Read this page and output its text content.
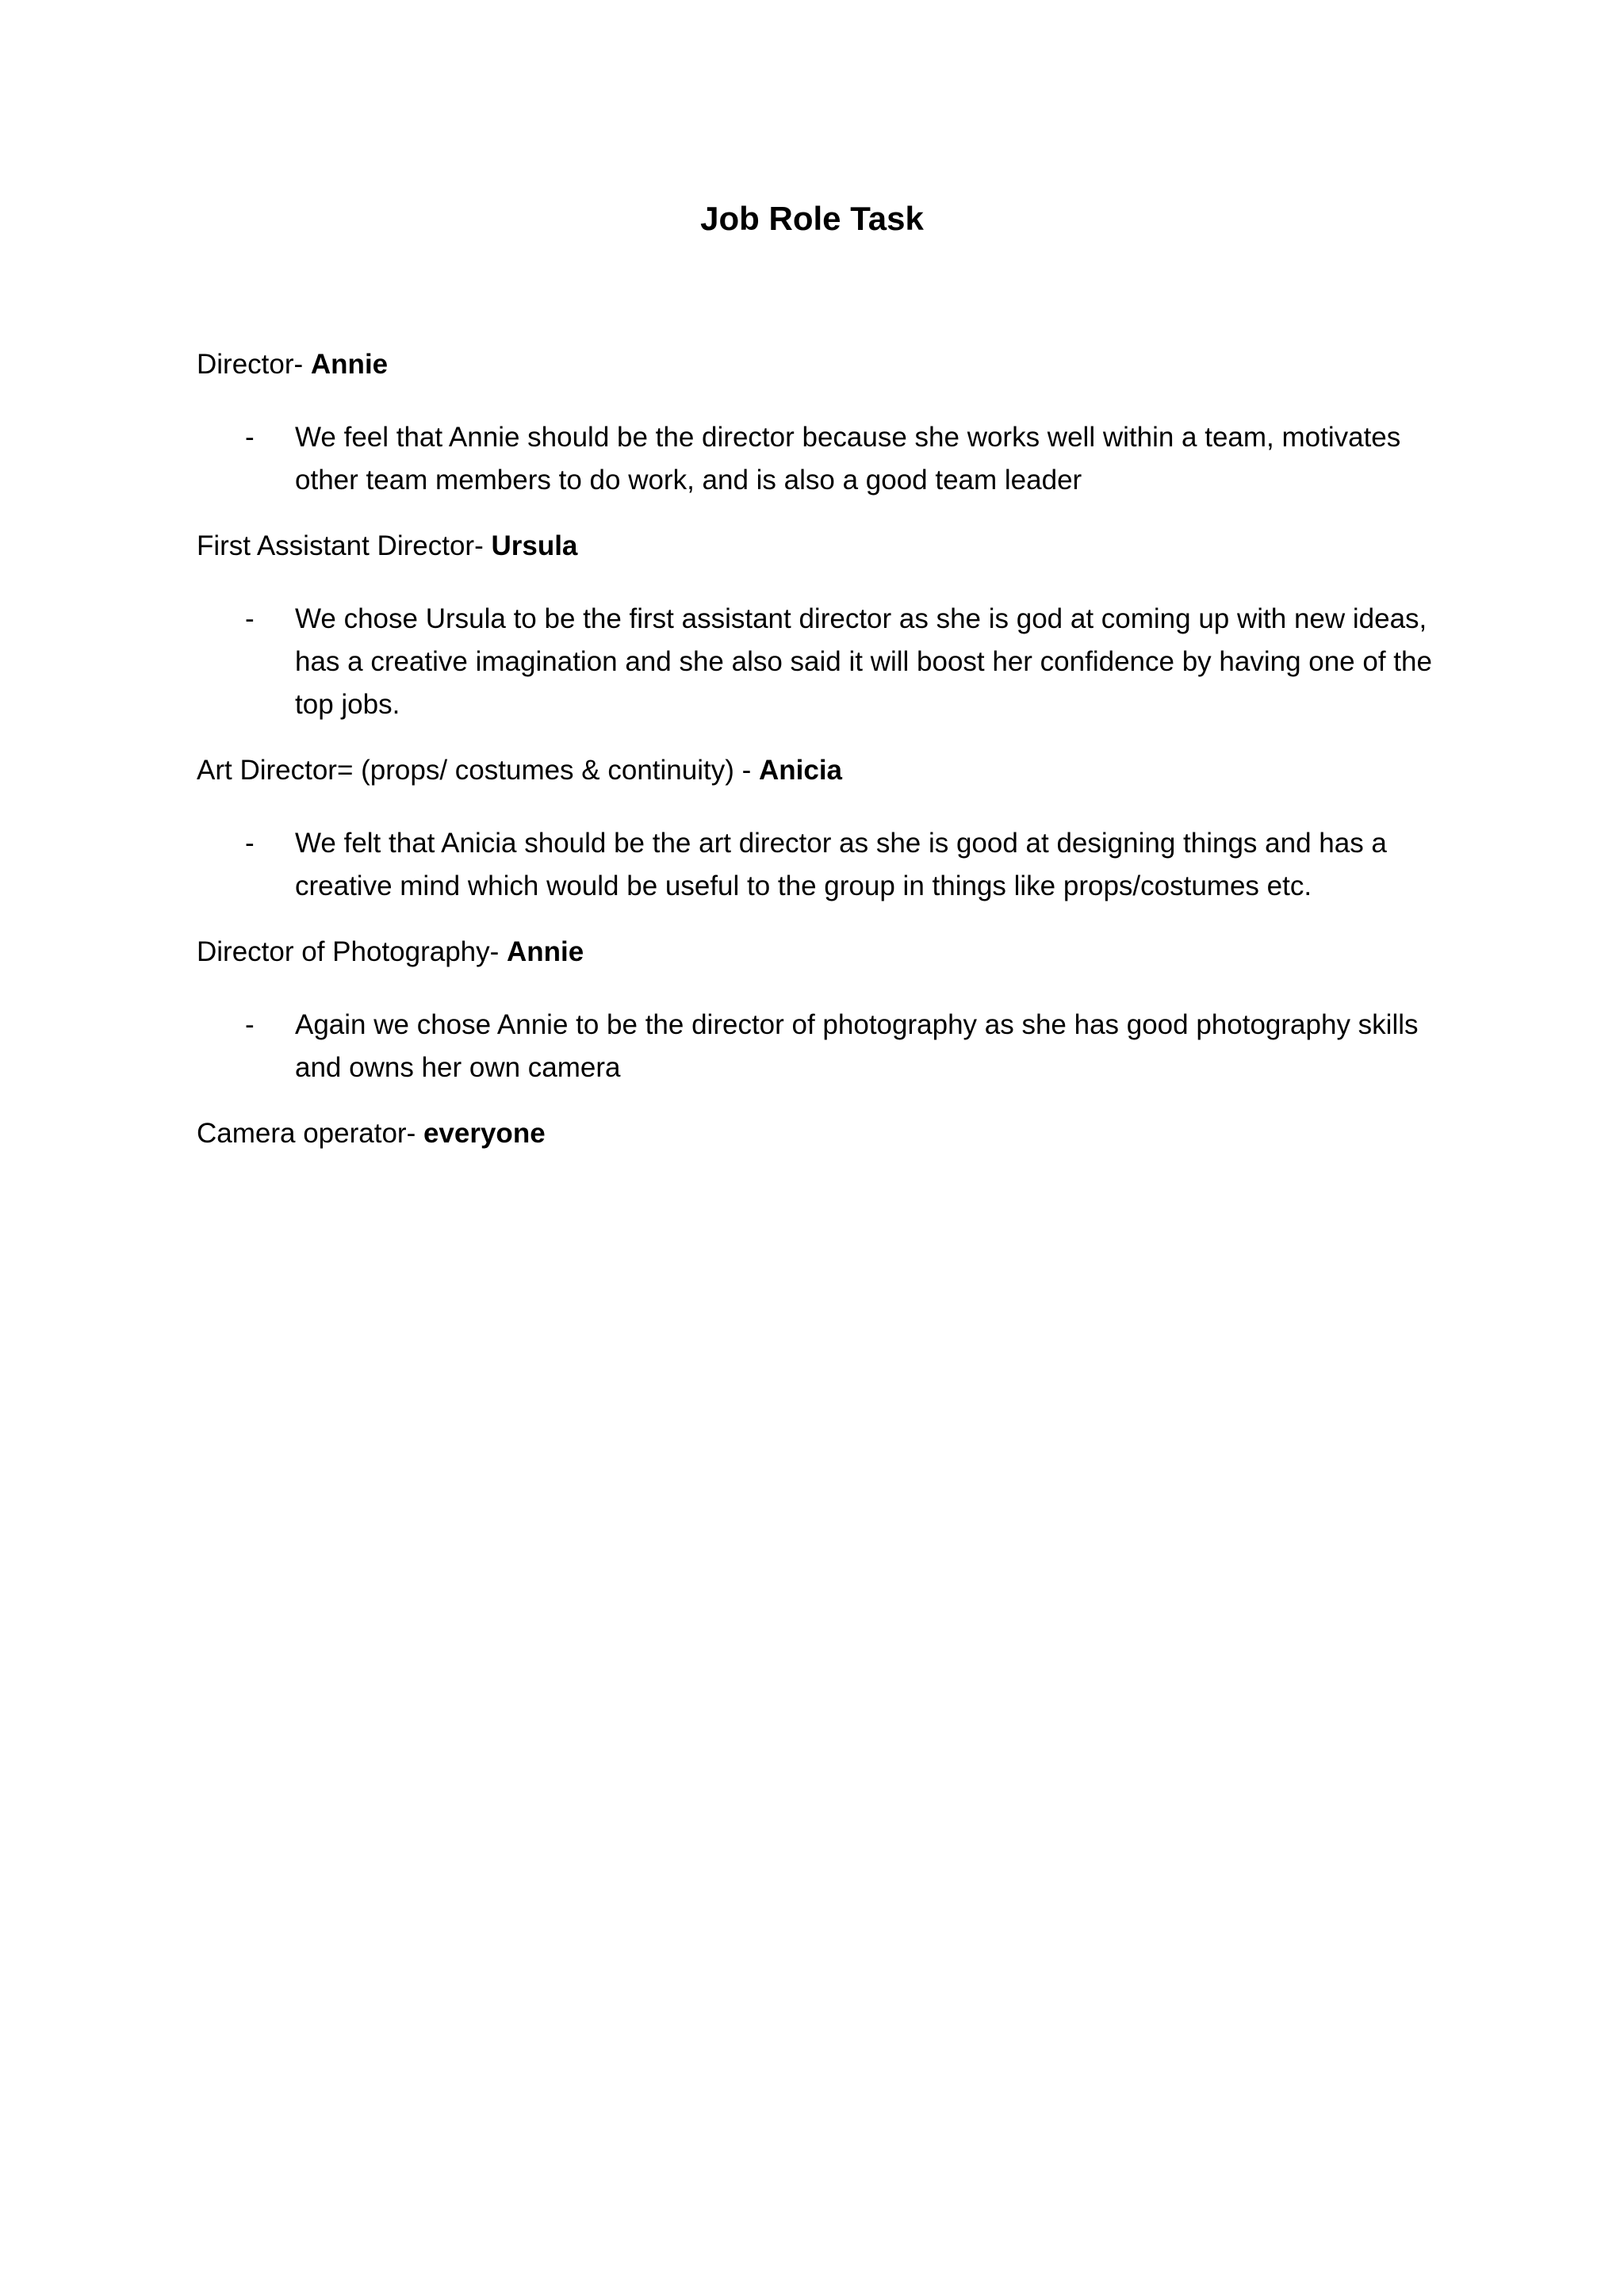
Job Role Task

Director- Annie

- We feel that Annie should be the director because she works well within a team, motivates other team members to do work, and is also a good team leader

First Assistant Director- Ursula

- We chose Ursula to be the first assistant director as she is god at coming up with new ideas, has a creative imagination and she also said it will boost her confidence by having one of the top jobs.

Art Director= (props/ costumes & continuity) - Anicia

- We felt that Anicia should be the art director as she is good at designing things and has a creative mind which would be useful to the group in things like props/costumes etc.

Director of Photography- Annie

- Again we chose Annie to be the director of photography as she has good photography skills and owns her own camera

Camera operator- everyone
